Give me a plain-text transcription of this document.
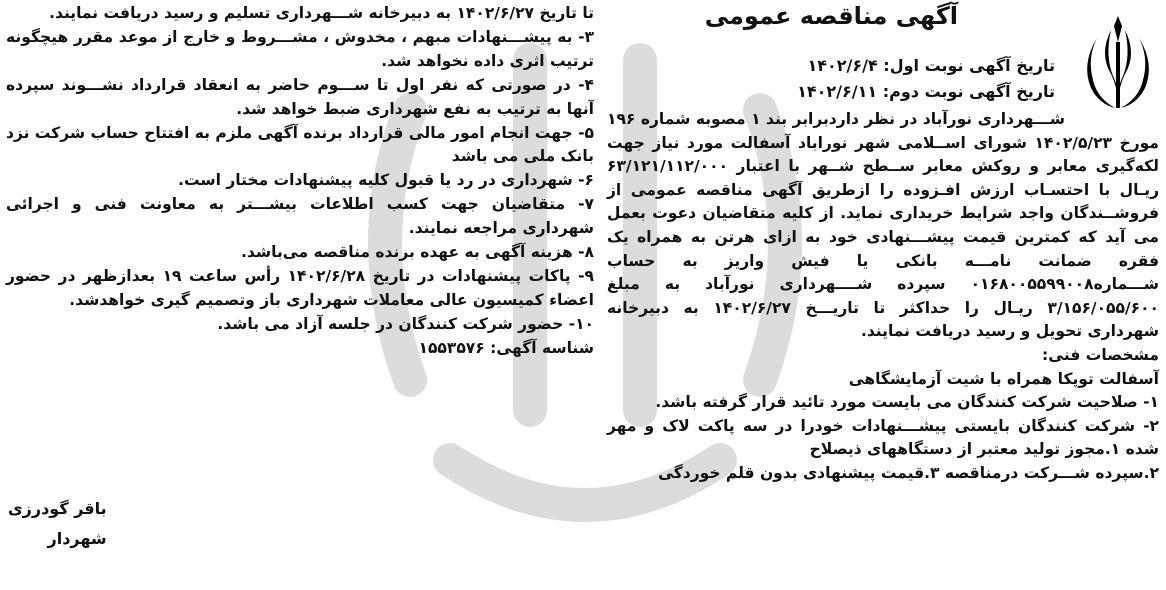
آگهی مناقصه عمومی

تاریخ آگهی نوبت اول: ۱۴۰۲/۶/۴

تاریخ آگهی نوبت دوم: ۱۴۰۲/۶/۱۱

شـــهرداری نورآباد در نظر داردبرابر بند ۱ مصوبه شماره ۱۹۶ مورخ ۱۴۰۲/۵/۲۳ شورای اســلامی شهر نوراباد آسفالت مورد نیاز جهت لکه‌گیری معابر و روکش معابر ســطح شــهر با اعتبار ۶۳/۱۲۱/۱۱۲/۰۰۰ ریـال با احتسـاب ارزش افـزوده را ازطریق آگهی مناقصه عمومی از فروشــندگان واجد شرایط خریداری نماید. از کلیه متقاضیان دعوت بعمل می آید که کمترین قیمت پیشـــنهادی خود به ازای هرتن به همراه یک فقره ضمانت نامـــه بانکی یا فیش واریز به حساب شـــماره۰۱۶۸۰۰۵۵۹۹۰۰۸ سپرده شــــهرداری نورآباد به مبلغ ۳/۱۵۶/۰۵۵/۶۰۰ ریـال را حداکثر تا تاریـــخ ۱۴۰۲/۶/۲۷ به دبیرخانه شهرداری تحویل و رسید دریافت نمایند.

مشخصات فنی:

آسفالت توپکا همراه با شیت آزمایشگاهی

۱- صلاحیت شرکت کنندگان می بایست مورد تائید قرار گرفته باشد.

۲- شرکت کنندگان بایستی پیشـــنهادات خودرا در سه پاکت لاک و مهر شده ۱.مجوز تولید معتبر از دستگاههای ذیصلاح

۲.سپرده شـــرکت درمناقصه ۳.قیمت پیشنهادی بدون قلم خوردگی

تا تاریخ ۱۴۰۲/۶/۲۷ به دبیرخانه شـــهرداری تسلیم و رسید دریافت نمایند.

۳- به پیشـــنهادات مبهم ، مخدوش ، مشـــروط و خارج از موعد مقرر هیچگونه ترتیب اثری داده نخواهد شد.

۴- در صورتی که نفر اول تا ســـوم حاضر به انعقاد قرارداد نشـــوند سپرده آنها به ترتیب به نفع شهرداری ضبط خواهد شد.

۵- جهت انجام امور مالی قرارداد برنده آگهی ملزم به افتتاح حساب شرکت نزد بانک ملی می باشد

۶- شهرداری در رد یا قبول کلیه پیشنهادات مختار است.

۷- متقاضیان جهت کسب اطلاعات بیشـــتر به معاونت فنی و اجرائی شهرداری مراجعه نمایند.

۸- هزینه آگهی به عهده برنده مناقصه می‌باشد.

۹- پاکات پیشنهادات در تاریخ ۱۴۰۲/۶/۲۸ رأس ساعت ۱۹ بعدازظهر در حضور اعضاء کمیسیون عالی معاملات شهرداری باز وتصمیم گیری خواهدشد.

۱۰- حضور شرکت کنندگان در جلسه آزاد می باشد.

شناسه آگهی: ۱۵۵۳۵۷۶

باقر گودرزی

شهردار
